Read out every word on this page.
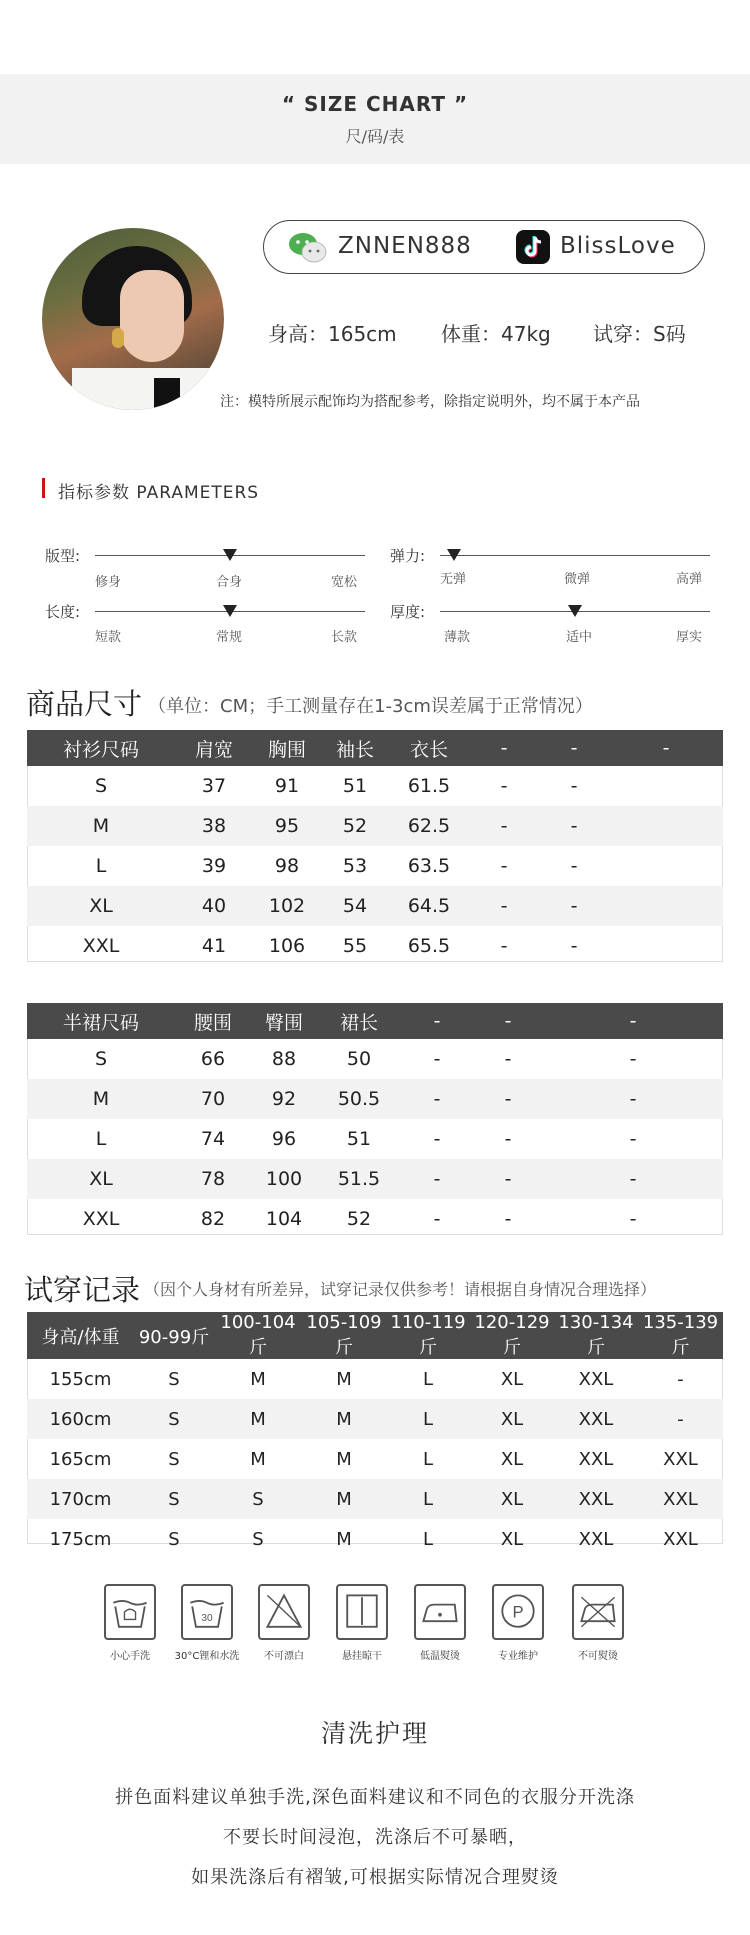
“ SIZE CHART ”
尺/码/表
ZNNEN888	BlissLove
身高：165cm 体重：47kg 试穿：S码
注：模特所展示配饰均为搭配参考，除指定说明外，均不属于本产品
指标参数 PARAMETERS
版型:
修身	合身	宽松
弹力:
无弹	微弹	高弹
长度:
短款	常规	长款
厚度:
薄款	适中	厚实
商品尺寸 （单位：CM；手工测量存在1-3cm误差属于正常情况）
衬衫尺码	肩宽	胸围	袖长	衣长	-	-	-
S	37	91	51	61.5	-	-	
M	38	95	52	62.5	-	-	
L	39	98	53	63.5	-	-	
XL	40	102	54	64.5	-	-	
XXL	41	106	55	65.5	-	-	
半裙尺码	腰围	臀围	裙长	-	-	-
S	66	88	50	-	-	-
M	70	92	50.5	-	-	-
L	74	96	51	-	-	-
XL	78	100	51.5	-	-	-
XXL	82	104	52	-	-	-
试穿记录 （因个人身材有所差异，试穿记录仅供参考！请根据自身情况合理选择）
身高/体重	90-99斤	100-104斤	105-109斤	110-119斤	120-129斤	130-134斤	135-139斤
155cm	S	M	M	L	XL	XXL	-
160cm	S	M	M	L	XL	XXL	-
165cm	S	M	M	L	XL	XXL	XXL
170cm	S	S	M	L	XL	XXL	XXL
175cm	S	S	M	L	XL	XXL	XXL
小心手洗
30
30°C锂和水洗	不可漂白	悬挂晾干	低温熨烫
P
专业维护	不可熨烫
清洗护理
拼色面料建议单独手洗,深色面料建议和不同色的衣服分开洗涤
不要长时间浸泡，洗涤后不可暴晒，
如果洗涤后有褶皱,可根据实际情况合理熨烫
